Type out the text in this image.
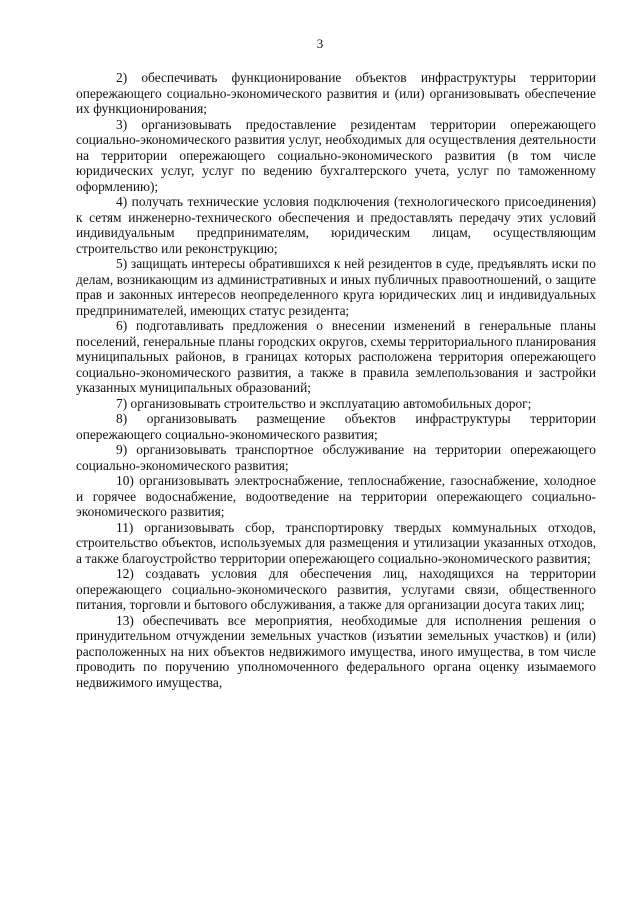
3

2) обеспечивать функционирование объектов инфраструктуры территории опережающего социально-экономического развития и (или) организовывать обеспечение их функционирования;

3) организовывать предоставление резидентам территории опережающего социально-экономического развития услуг, необходимых для осуществления деятельности на территории опережающего социально-экономического развития (в том числе юридических услуг, услуг по ведению бухгалтерского учета, услуг по таможенному оформлению);

4) получать технические условия подключения (технологического присоединения) к сетям инженерно-технического обеспечения и предоставлять передачу этих условий индивидуальным предпринимателям, юридическим лицам, осуществляющим строительство или реконструкцию;

5) защищать интересы обратившихся к ней резидентов в суде, предъявлять иски по делам, возникающим из административных и иных публичных правоотношений, о защите прав и законных интересов неопределенного круга юридических лиц и индивидуальных предпринимателей, имеющих статус резидента;

6) подготавливать предложения о внесении изменений в генеральные планы поселений, генеральные планы городских округов, схемы территориального планирования муниципальных районов, в границах которых расположена территория опережающего социально-экономического развития, а также в правила землепользования и застройки указанных муниципальных образований;

7) организовывать строительство и эксплуатацию автомобильных дорог;

8) организовывать размещение объектов инфраструктуры территории опережающего социально-экономического развития;

9) организовывать транспортное обслуживание на территории опережающего социально-экономического развития;

10) организовывать электроснабжение, теплоснабжение, газоснабжение, холодное и горячее водоснабжение, водоотведение на территории опережающего социально-экономического развития;

11) организовывать сбор, транспортировку твердых коммунальных отходов, строительство объектов, используемых для размещения и утилизации указанных отходов, а также благоустройство территории опережающего социально-экономического развития;

12) создавать условия для обеспечения лиц, находящихся на территории опережающего социально-экономического развития, услугами связи, общественного питания, торговли и бытового обслуживания, а также для организации досуга таких лиц;

13) обеспечивать все мероприятия, необходимые для исполнения решения о принудительном отчуждении земельных участков (изъятии земельных участков) и (или) расположенных на них объектов недвижимого имущества, иного имущества, в том числе проводить по поручению уполномоченного федерального органа оценку изымаемого недвижимого имущества,
